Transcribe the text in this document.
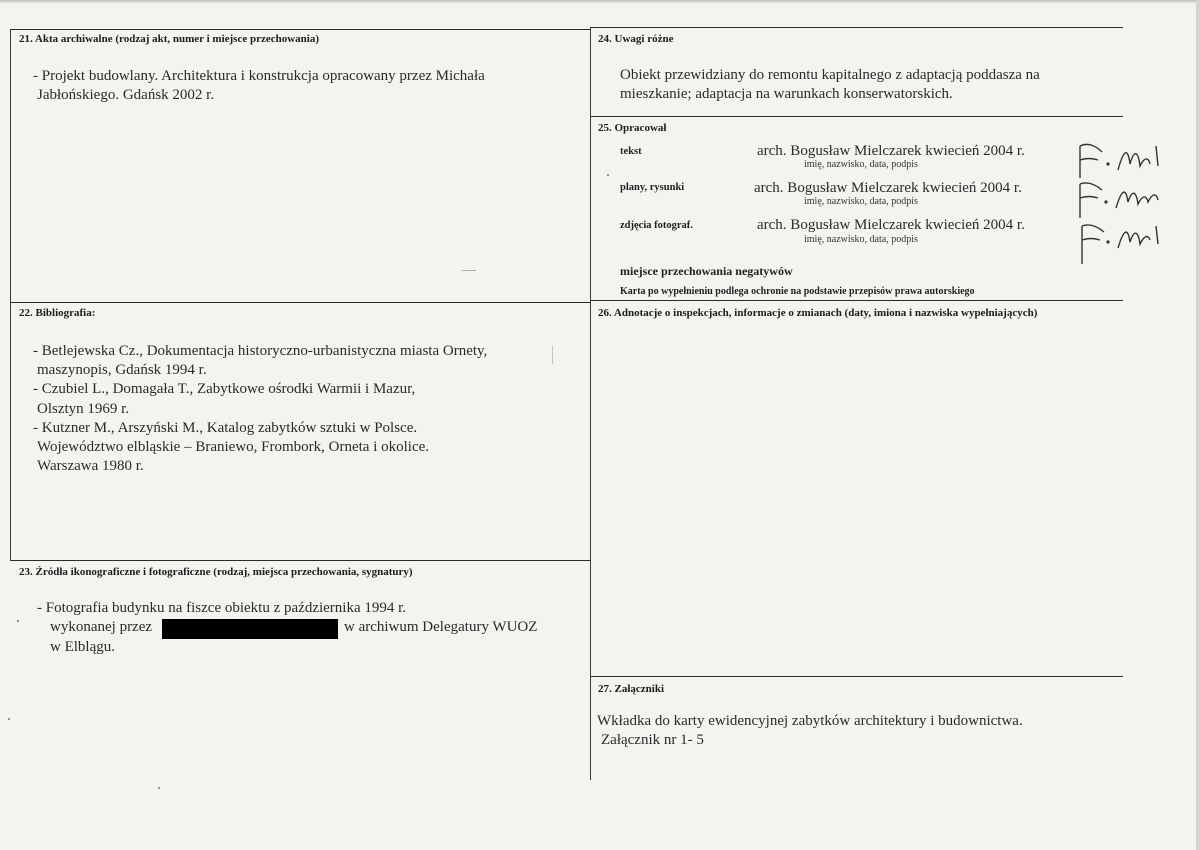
21. Akta archiwalne (rodzaj akt, numer i miejsce przechowania)
- Projekt budowlany. Architektura i konstrukcja opracowany przez Michała
Jabłońskiego. Gdańsk 2002 r.
22. Bibliografia:
- Betlejewska Cz., Dokumentacja historyczno-urbanistyczna miasta Ornety,
maszynopis, Gdańsk 1994 r.
- Czubiel L., Domagała T., Zabytkowe ośrodki Warmii i Mazur,
Olsztyn 1969 r.
- Kutzner M., Arszyński M., Katalog zabytków sztuki w Polsce.
Województwo elbląskie – Braniewo, Frombork, Orneta i okolice.
Warszawa 1980 r.
23. Źródła ikonograficzne i fotograficzne (rodzaj, miejsca przechowania, sygnatury)
- Fotografia budynku na fiszce obiektu z października 1994 r.
wykonanej przez	w archiwum Delegatury WUOZ
w Elblągu.
24. Uwagi różne
Obiekt przewidziany do remontu kapitalnego z adaptacją poddasza na
mieszkanie; adaptacja na warunkach konserwatorskich.
25. Opracował
tekst	arch. Bogusław Mielczarek kwiecień 2004 r.
imię, nazwisko, data, podpis
plany, rysunki	arch. Bogusław Mielczarek kwiecień 2004 r.
imię, nazwisko, data, podpis
zdjęcia fotograf.	arch. Bogusław Mielczarek kwiecień 2004 r.
imię, nazwisko, data, podpis
miejsce przechowania negatywów
Karta po wypełnieniu podlega ochronie na podstawie przepisów prawa autorskiego
26. Adnotacje o inspekcjach, informacje o zmianach (daty, imiona i nazwiska wypełniających)
27. Załączniki
Wkładka do karty ewidencyjnej zabytków architektury i budownictwa.
Załącznik nr 1- 5
